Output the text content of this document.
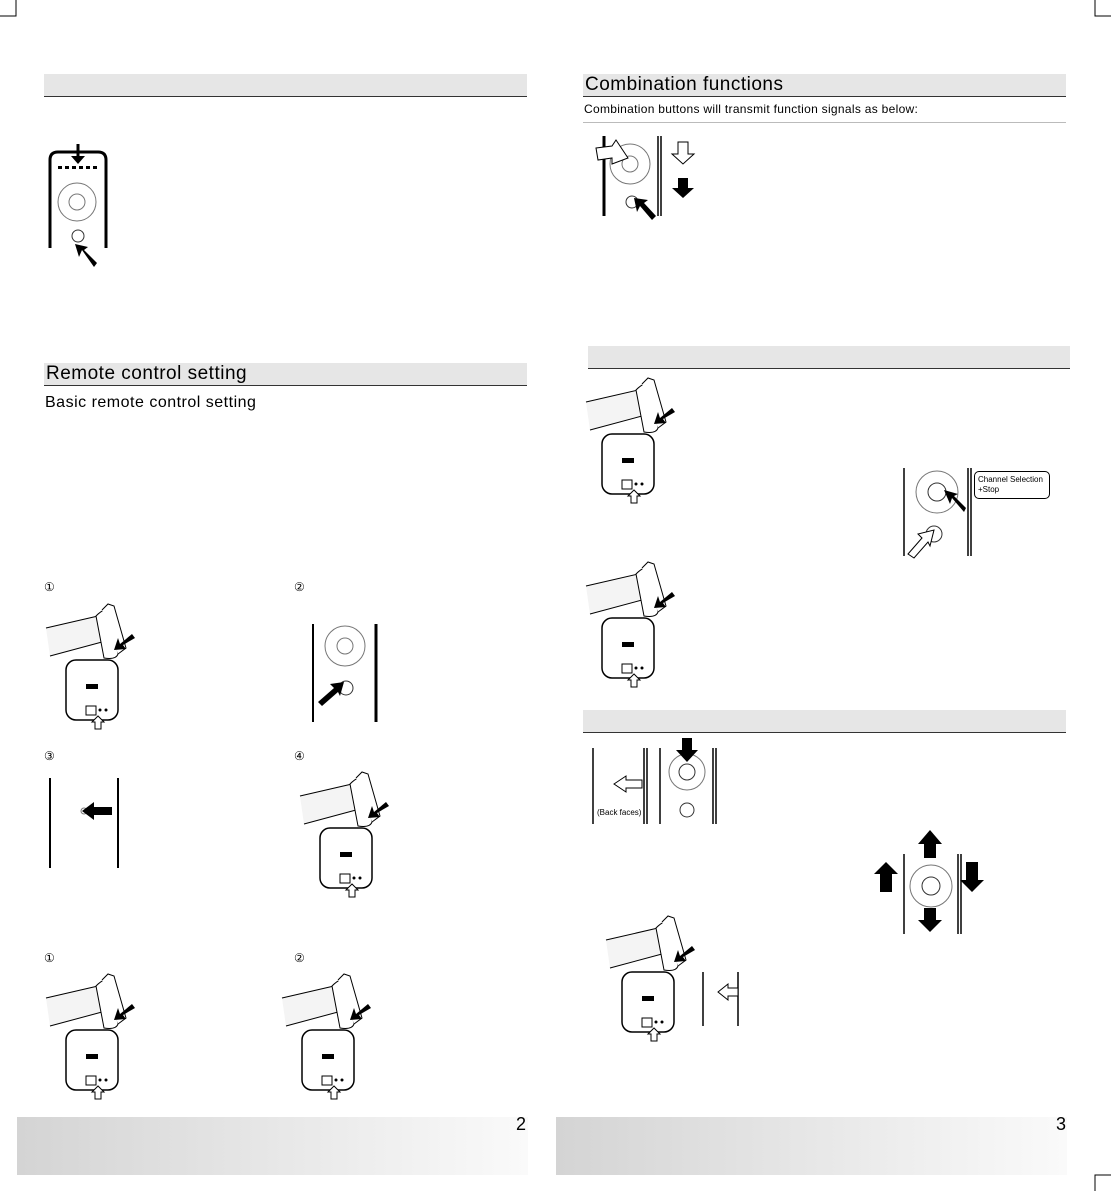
Remote control setting
Basic remote control setting
①	②
③	④
①	②
2
Combination functions
Combination buttons will transmit function signals as below:
Channel Selection
+Stop
(Back faces)
3
